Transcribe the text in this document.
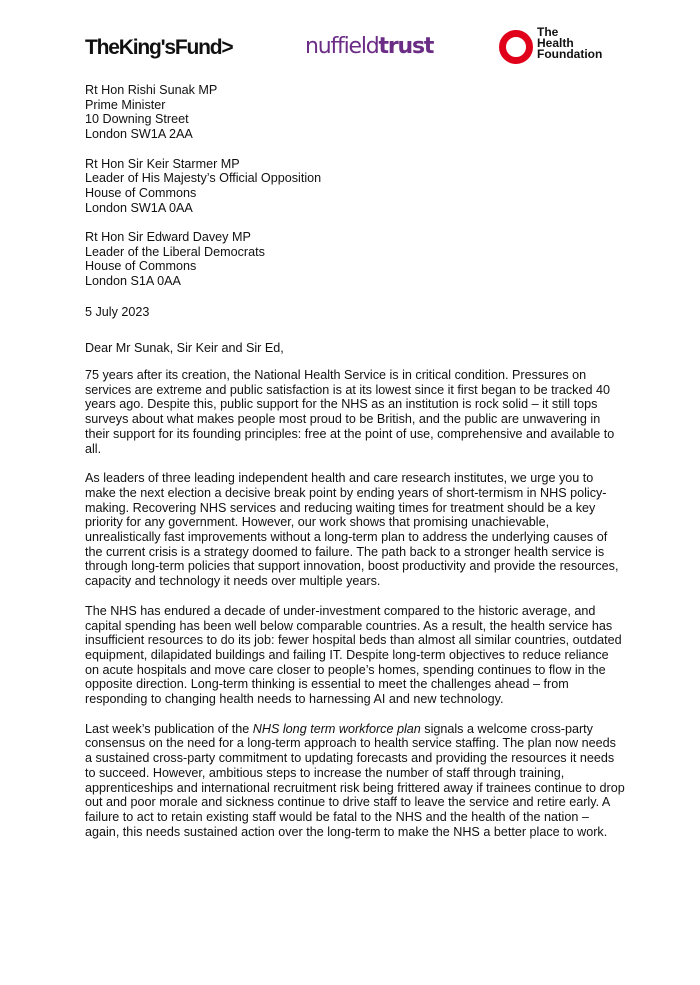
TheKing'sFund>	nuffieldtrust
The
Health
Foundation
Rt Hon Rishi Sunak MP
Prime Minister
10 Downing Street
London SW1A 2AA
Rt Hon Sir Keir Starmer MP
Leader of His Majesty’s Official Opposition
House of Commons
London SW1A 0AA
Rt Hon Sir Edward Davey MP
Leader of the Liberal Democrats
House of Commons
London S1A 0AA
5 July 2023
Dear Mr Sunak, Sir Keir and Sir Ed,

75 years after its creation, the National Health Service is in critical condition. Pressures on services are extreme and public satisfaction is at its lowest since it first began to be tracked 40 years ago. Despite this, public support for the NHS as an institution is rock solid – it still tops surveys about what makes people most proud to be British, and the public are unwavering in their support for its founding principles: free at the point of use, comprehensive and available to all.

As leaders of three leading independent health and care research institutes, we urge you to make the next election a decisive break point by ending years of short-termism in NHS policy-making. Recovering NHS services and reducing waiting times for treatment should be a key priority for any government. However, our work shows that promising unachievable, unrealistically fast improvements without a long-term plan to address the underlying causes of the current crisis is a strategy doomed to failure. The path back to a stronger health service is through long-term policies that support innovation, boost productivity and provide the resources, capacity and technology it needs over multiple years.

The NHS has endured a decade of under-investment compared to the historic average, and capital spending has been well below comparable countries. As a result, the health service has insufficient resources to do its job: fewer hospital beds than almost all similar countries, outdated equipment, dilapidated buildings and failing IT. Despite long-term objectives to reduce reliance on acute hospitals and move care closer to people’s homes, spending continues to flow in the opposite direction. Long-term thinking is essential to meet the challenges ahead – from responding to changing health needs to harnessing AI and new technology.

Last week’s publication of the NHS long term workforce plan signals a welcome cross-party consensus on the need for a long-term approach to health service staffing. The plan now needs a sustained cross-party commitment to updating forecasts and providing the resources it needs to succeed. However, ambitious steps to increase the number of staff through training, apprenticeships and international recruitment risk being frittered away if trainees continue to drop out and poor morale and sickness continue to drive staff to leave the service and retire early. A failure to act to retain existing staff would be fatal to the NHS and the health of the nation – again, this needs sustained action over the long-term to make the NHS a better place to work.
